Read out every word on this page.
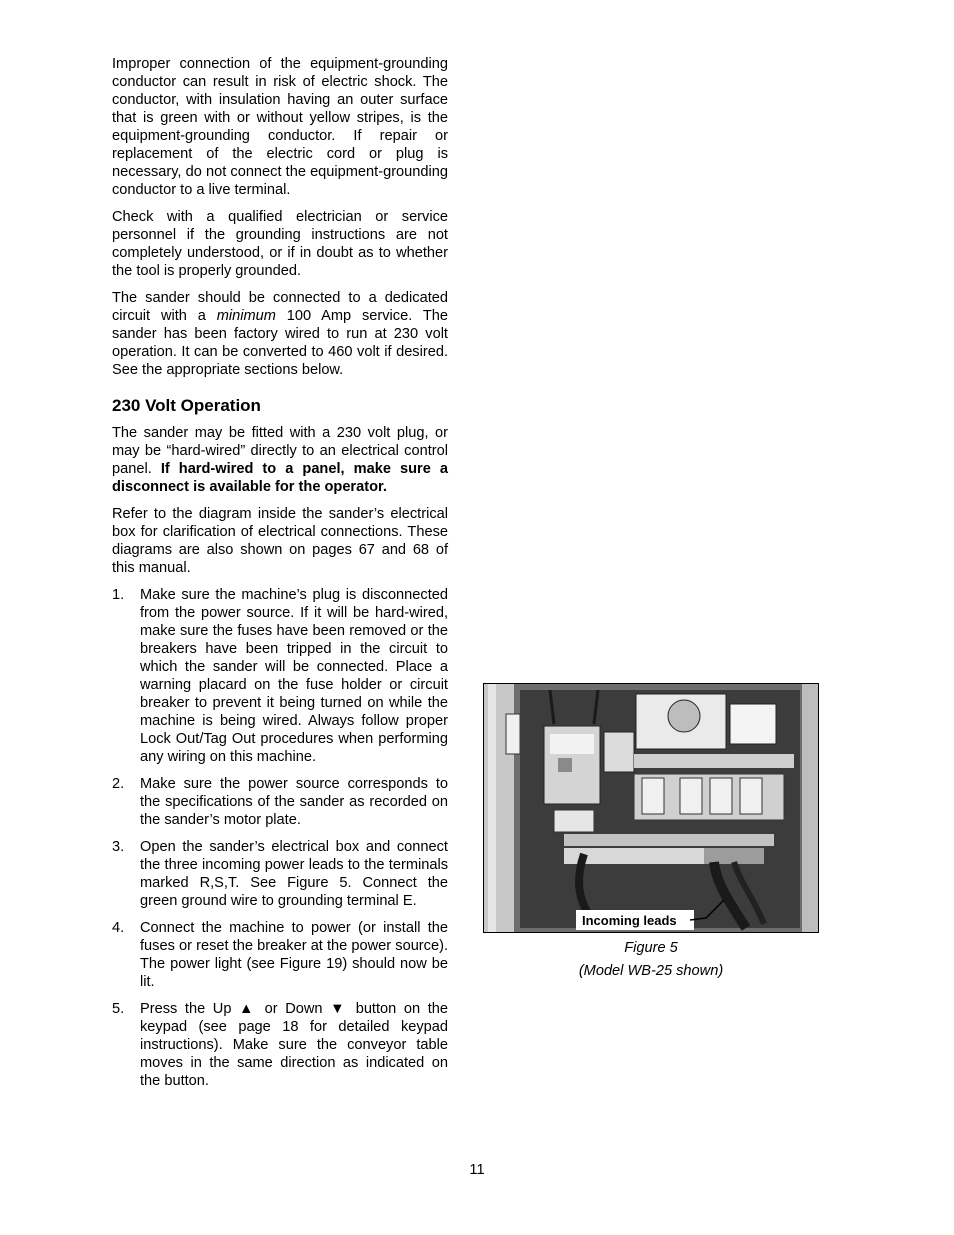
Improper connection of the equipment-grounding conductor can result in risk of electric shock. The conductor, with insulation having an outer surface that is green with or without yellow stripes, is the equipment-grounding conductor. If repair or replacement of the electric cord or plug is necessary, do not connect the equipment-grounding conductor to a live terminal.

Check with a qualified electrician or service personnel if the grounding instructions are not completely understood, or if in doubt as to whether the tool is properly grounded.

The sander should be connected to a dedicated circuit with a minimum 100 Amp service. The sander has been factory wired to run at 230 volt operation. It can be converted to 460 volt if desired. See the appropriate sections below.

230 Volt Operation

The sander may be fitted with a 230 volt plug, or may be “hard-wired” directly to an electrical control panel. If hard-wired to a panel, make sure a disconnect is available for the operator.

Refer to the diagram inside the sander’s electrical box for clarification of electrical connections. These diagrams are also shown on pages 67 and 68 of this manual.

1. Make sure the machine’s plug is disconnected from the power source. If it will be hard-wired, make sure the fuses have been removed or the breakers have been tripped in the circuit to which the sander will be connected. Place a warning placard on the fuse holder or circuit breaker to prevent it being turned on while the machine is being wired. Always follow proper Lock Out/Tag Out procedures when performing any wiring on this machine.
2. Make sure the power source corresponds to the specifications of the sander as recorded on the sander’s motor plate.
3. Open the sander’s electrical box and connect the three incoming power leads to the terminals marked R,S,T. See Figure 5. Connect the green ground wire to grounding terminal E.
4. Connect the machine to power (or install the fuses or reset the breaker at the power source). The power light (see Figure 19) should now be lit.
5. Press the Up ▲ or Down ▼ button on the keypad (see page 18 for detailed keypad instructions). Make sure the conveyor table moves in the same direction as indicated on the button.
Incoming leads
Figure 5
(Model WB-25 shown)
11
